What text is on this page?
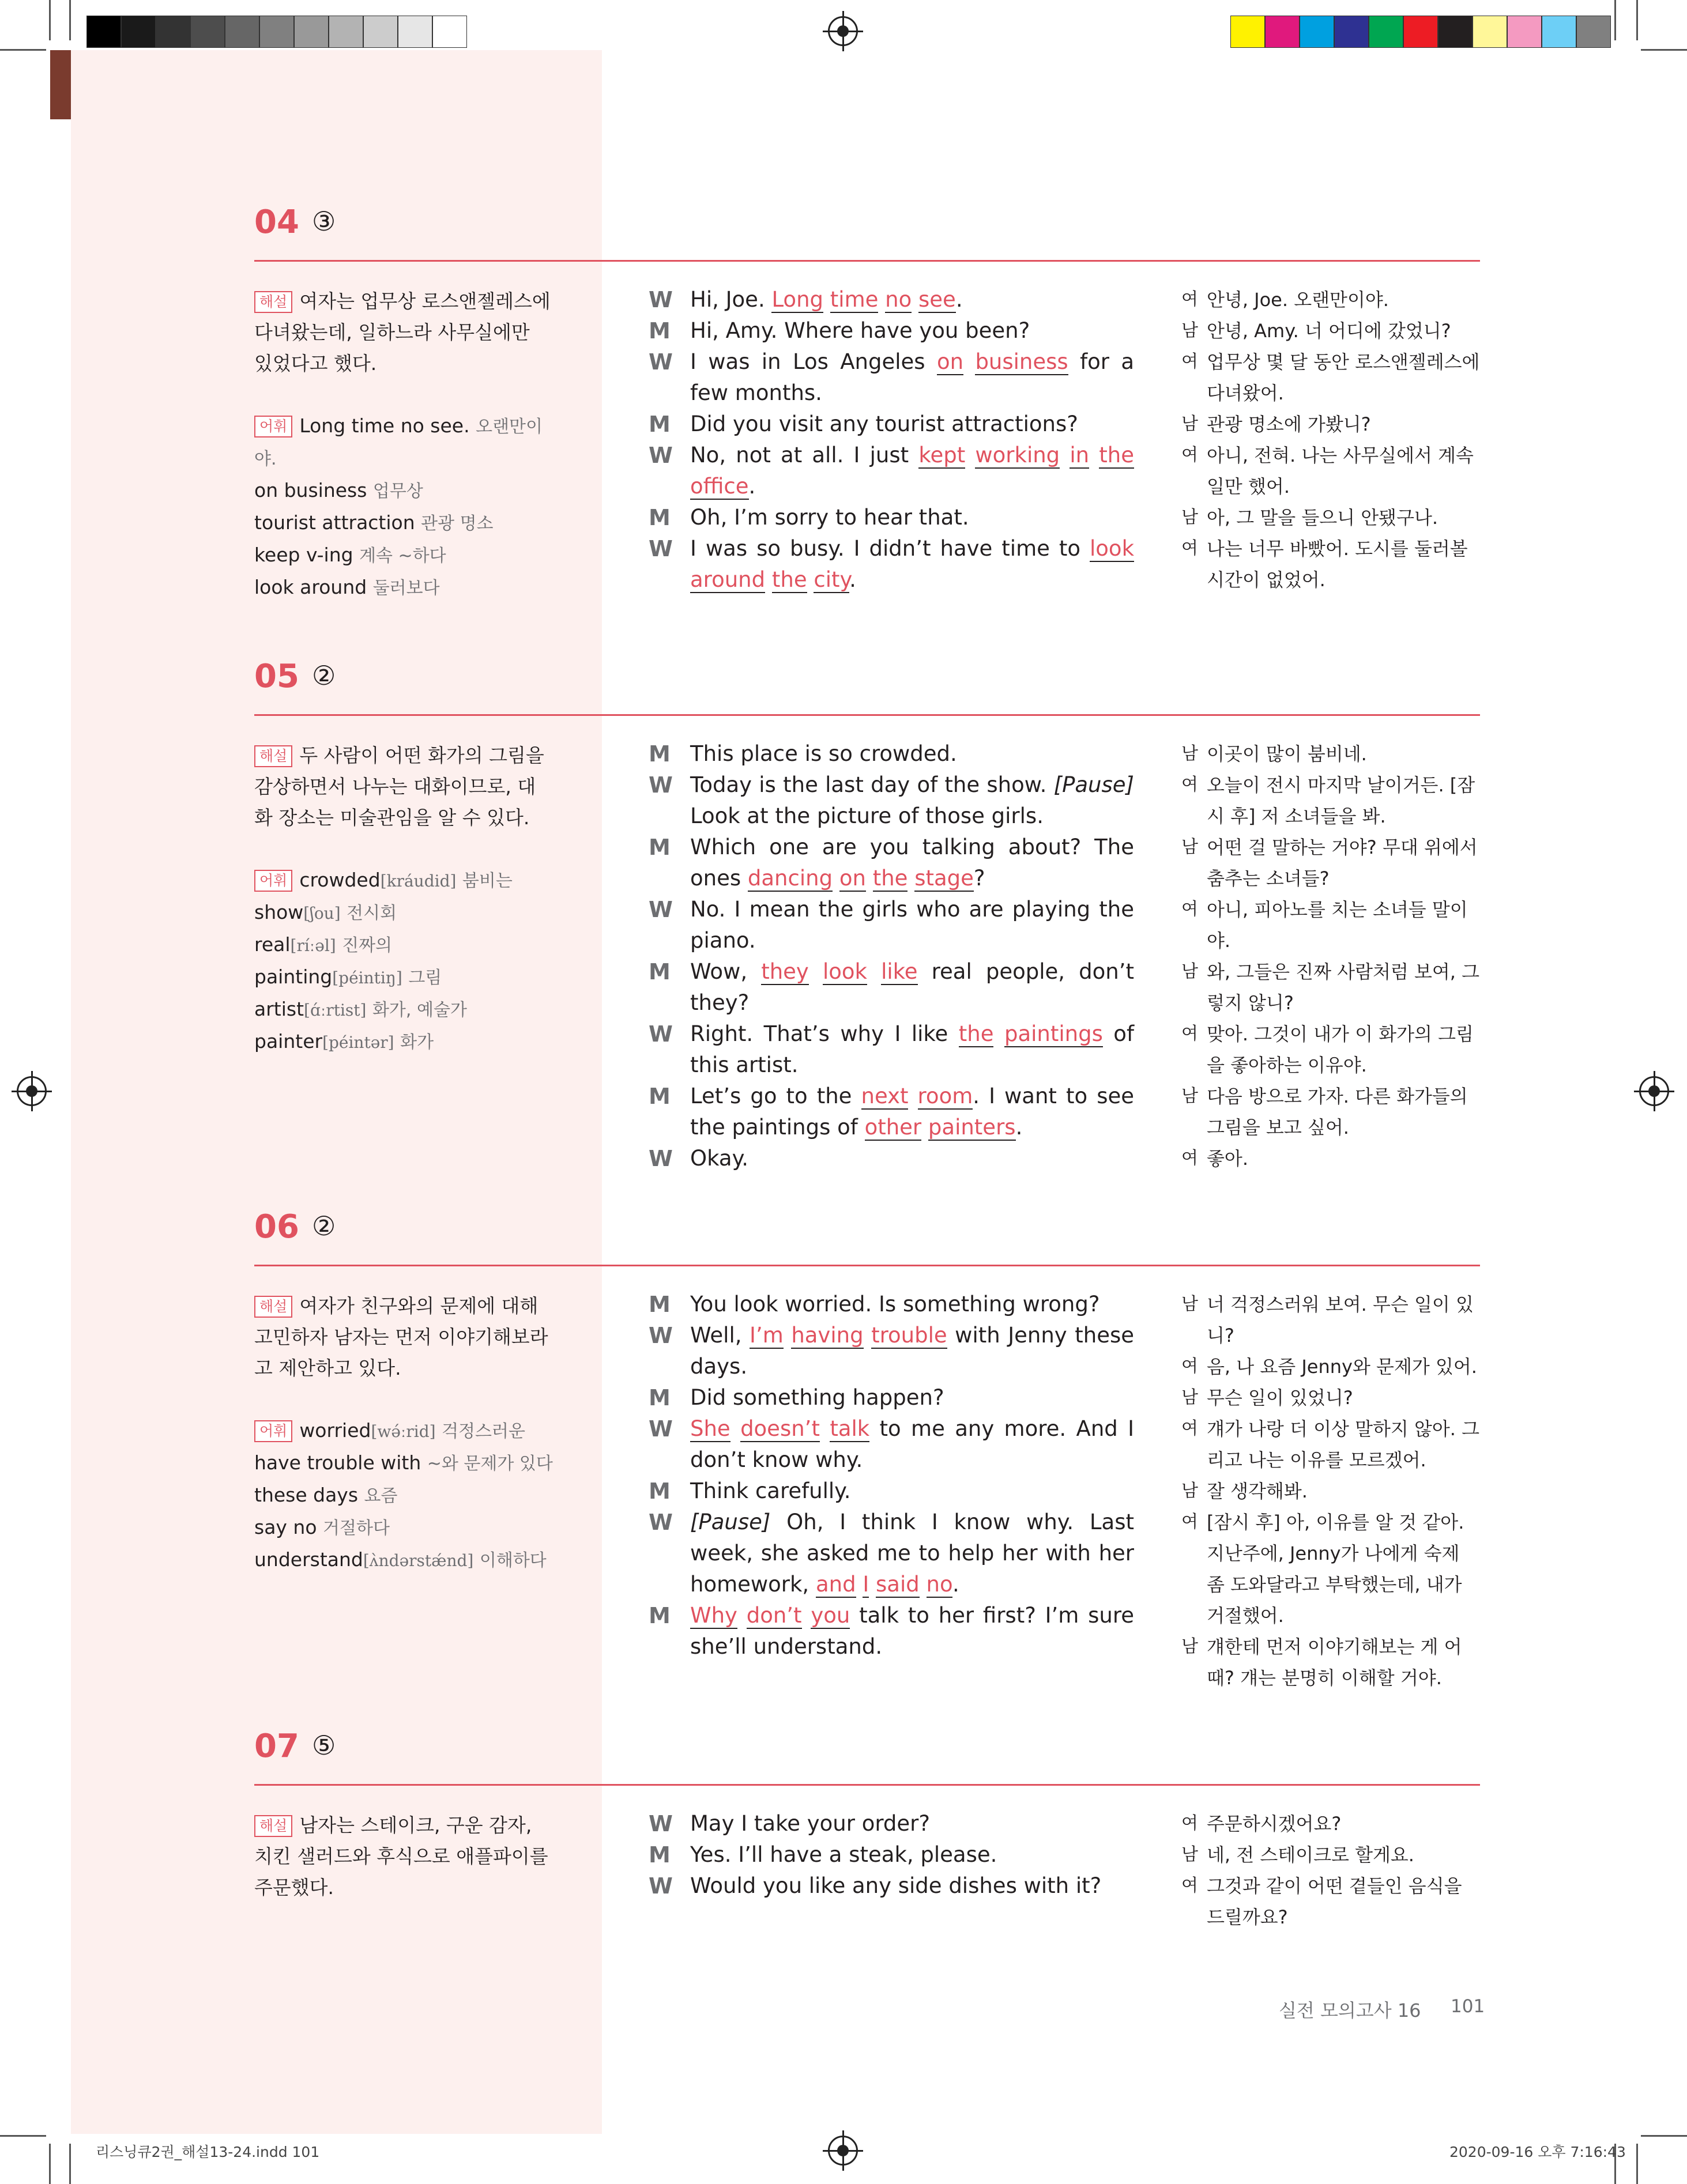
04 ③
해설 여자는 업무상 로스앤젤레스에 다녀왔는데, 일하느라 사무실에만 있었다고 했다.
어휘 Long time no see. 오랜만이야.
on business 업무상
tourist attraction 관광 명소
keep v-ing 계속 ~하다
look around 둘러보다
W Hi, Joe. Long time no see.
M Hi, Amy. Where have you been?
W I was in Los Angeles on business for a few months.
M Did you visit any tourist attractions?
W No, not at all. I just kept working in the office.
M Oh, I’m sorry to hear that.
W I was so busy. I didn’t have time to look around the city.
여 안녕, Joe. 오랜만이야.
남 안녕, Amy. 너 어디에 갔었니?
여 업무상 몇 달 동안 로스앤젤레스에 다녀왔어.
남 관광 명소에 가봤니?
여 아니, 전혀. 나는 사무실에서 계속 일만 했어.
남 아, 그 말을 들으니 안됐구나.
여 나는 너무 바빴어. 도시를 둘러볼 시간이 없었어.
05 ②
해설 두 사람이 어떤 화가의 그림을 감상하면서 나누는 대화이므로, 대화 장소는 미술관임을 알 수 있다.
어휘 crowded[kráudid] 붐비는
show[ʃou] 전시회
real[ríːəl] 진짜의
painting[péintiŋ] 그림
artist[ɑ́ːrtist] 화가, 예술가
painter[péintər] 화가
M This place is so crowded.
W Today is the last day of the show. [Pause] Look at the picture of those girls.
M Which one are you talking about? The ones dancing on the stage?
W No. I mean the girls who are playing the piano.
M Wow, they look like real people, don’t they?
W Right. That’s why I like the paintings of this artist.
M Let’s go to the next room. I want to see the paintings of other painters.
W Okay.
남 이곳이 많이 붐비네.
여 오늘이 전시 마지막 날이거든. [잠시 후] 저 소녀들을 봐.
남 어떤 걸 말하는 거야? 무대 위에서 춤추는 소녀들?
여 아니, 피아노를 치는 소녀들 말이야.
남 와, 그들은 진짜 사람처럼 보여, 그렇지 않니?
여 맞아. 그것이 내가 이 화가의 그림을 좋아하는 이유야.
남 다음 방으로 가자. 다른 화가들의 그림을 보고 싶어.
여 좋아.
06 ②
해설 여자가 친구와의 문제에 대해 고민하자 남자는 먼저 이야기해보라고 제안하고 있다.
어휘 worried[wə́ːrid] 걱정스러운
have trouble with ~와 문제가 있다
these days 요즘
say no 거절하다
understand[ʌ̀ndərstǽnd] 이해하다
M You look worried. Is something wrong?
W Well, I’m having trouble with Jenny these days.
M Did something happen?
W She doesn’t talk to me any more. And I don’t know why.
M Think carefully.
W [Pause] Oh, I think I know why. Last week, she asked me to help her with her homework, and I said no.
M Why don’t you talk to her first? I’m sure she’ll understand.
남 너 걱정스러워 보여. 무슨 일이 있니?
여 음, 나 요즘 Jenny와 문제가 있어.
남 무슨 일이 있었니?
여 걔가 나랑 더 이상 말하지 않아. 그리고 나는 이유를 모르겠어.
남 잘 생각해봐.
여 [잠시 후] 아, 이유를 알 것 같아. 지난주에, Jenny가 나에게 숙제 좀 도와달라고 부탁했는데, 내가 거절했어.
남 걔한테 먼저 이야기해보는 게 어때? 걔는 분명히 이해할 거야.
07 ⑤
해설 남자는 스테이크, 구운 감자, 치킨 샐러드와 후식으로 애플파이를 주문했다.
W May I take your order?
M Yes. I’ll have a steak, please.
W Would you like any side dishes with it?
여 주문하시겠어요?
남 네, 전 스테이크로 할게요.
여 그것과 같이 어떤 곁들인 음식을 드릴까요?
실전 모의고사 16 101
리스닝큐2권_해설13-24.indd 101	2020-09-16 오후 7:16:43
